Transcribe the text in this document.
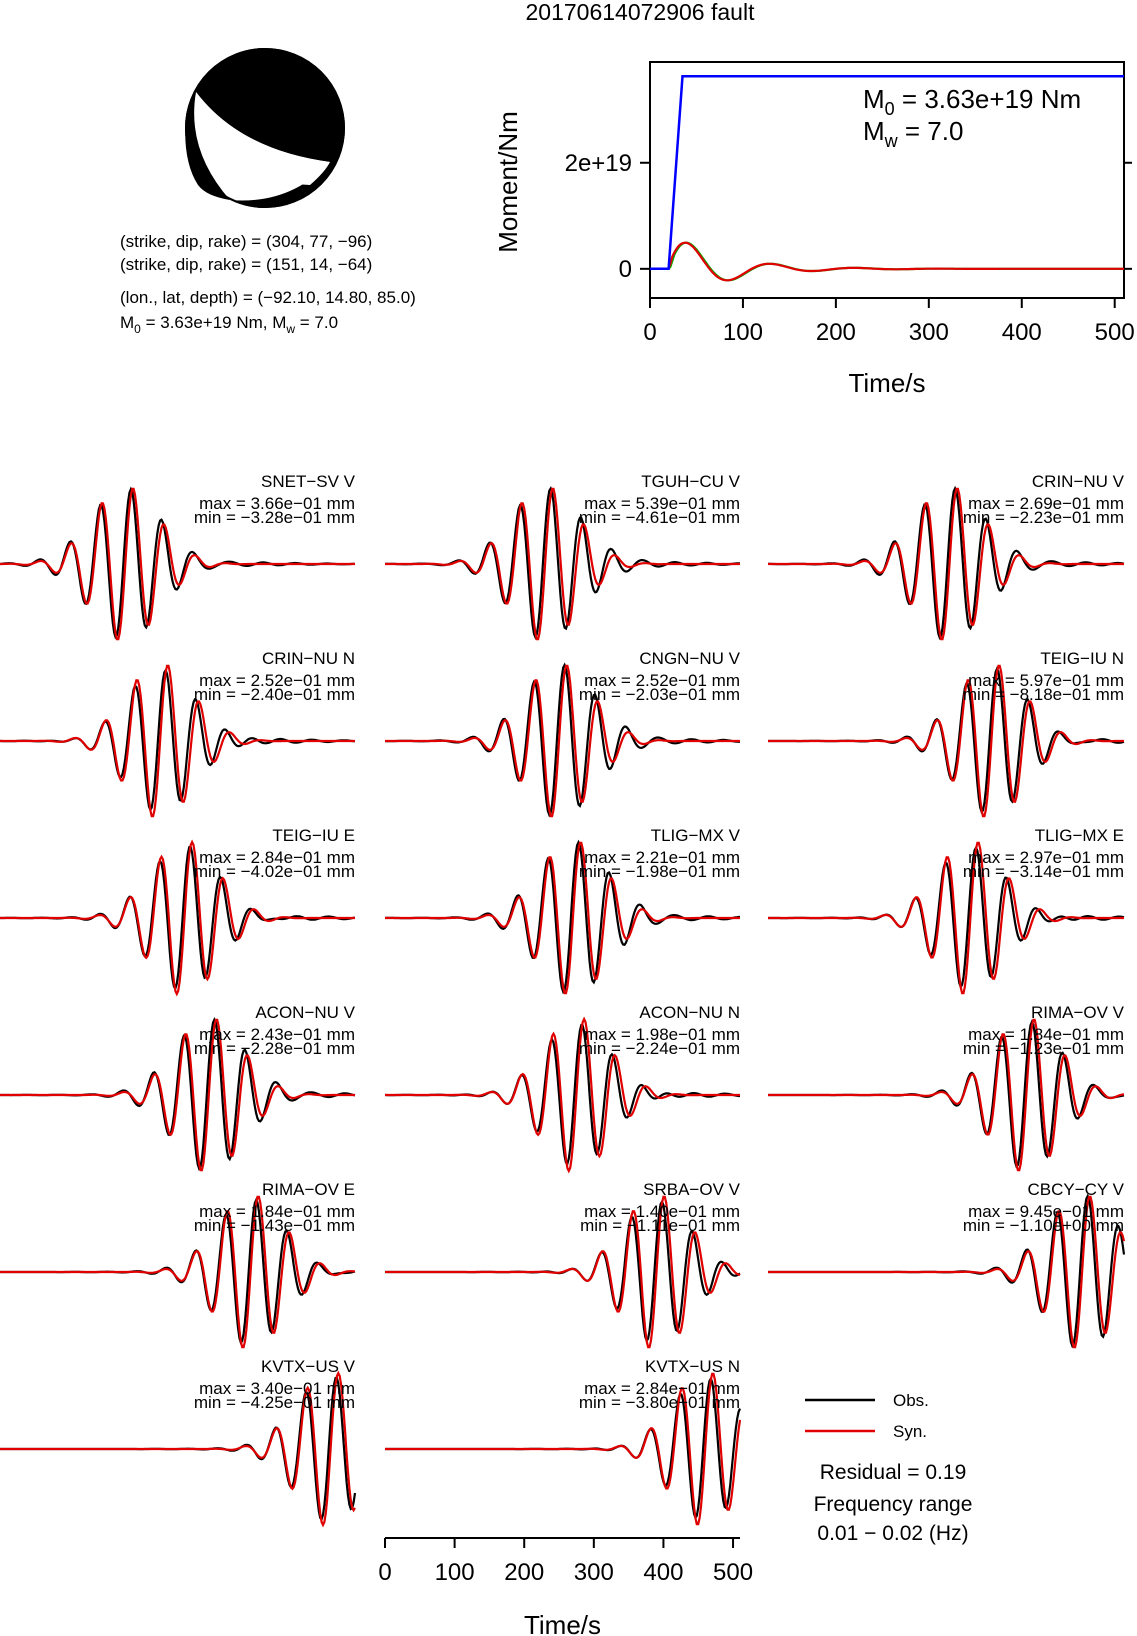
20170614072906 fault
(strike, dip, rake) = (304, 77, −96)
(strike, dip, rake) = (151, 14, −64)
(lon., lat, depth) = (−92.10, 14.80, 85.0)
$M_0 = 3.63e+19$ Nm, $M_w = 7.0$
0
2e+19
0	100 200 300 400 500
Time/s
Moment/Nm
$M_0 = 3.63e+19$ Nm
$M_w = 7.0$
SNET−SV V
max = 3.66e−01 mm
min = −3.28e−01 mm
TGUH−CU V
max = 5.39e−01 mm
min = −4.61e−01 mm
CRIN−NU V
max = 2.69e−01 mm
min = −2.23e−01 mm
CRIN−NU N
max = 2.52e−01 mm
min = −2.40e−01 mm
CNGN−NU V
max = 2.52e−01 mm
min = −2.03e−01 mm
TEIG−IU N
max = 5.97e−01 mm
min = −8.18e−01 mm
TEIG−IU E
max = 2.84e−01 mm
min = −4.02e−01 mm
TLIG−MX V
max = 2.21e−01 mm
min = −1.98e−01 mm
TLIG−MX E
max = 2.97e−01 mm
min = −3.14e−01 mm
ACON−NU V
max = 2.43e−01 mm
min = −2.28e−01 mm
ACON−NU N
max = 1.98e−01 mm
min = −2.24e−01 mm
RIMA−OV V
max = 1.84e−01 mm
min = −1.23e−01 mm
RIMA−OV E
max = 1.84e−01 mm
min = −1.43e−01 mm
SRBA−OV V
max = 1.40e−01 mm
min = −1.11e−01 mm
CBCY−CY V
max = 9.45e−01 mm
min = −1.10e+00 mm
KVTX−US V
max = 3.40e−01 mm
min = −4.25e−01 mm
KVTX−US N
max = 2.84e−01 mm
min = −3.80e−01 mm
0 100 200 300 400 500
Time/s
Obs.
Syn.
Residual = 0.19
Frequency range
0.01 − 0.02 (Hz)
